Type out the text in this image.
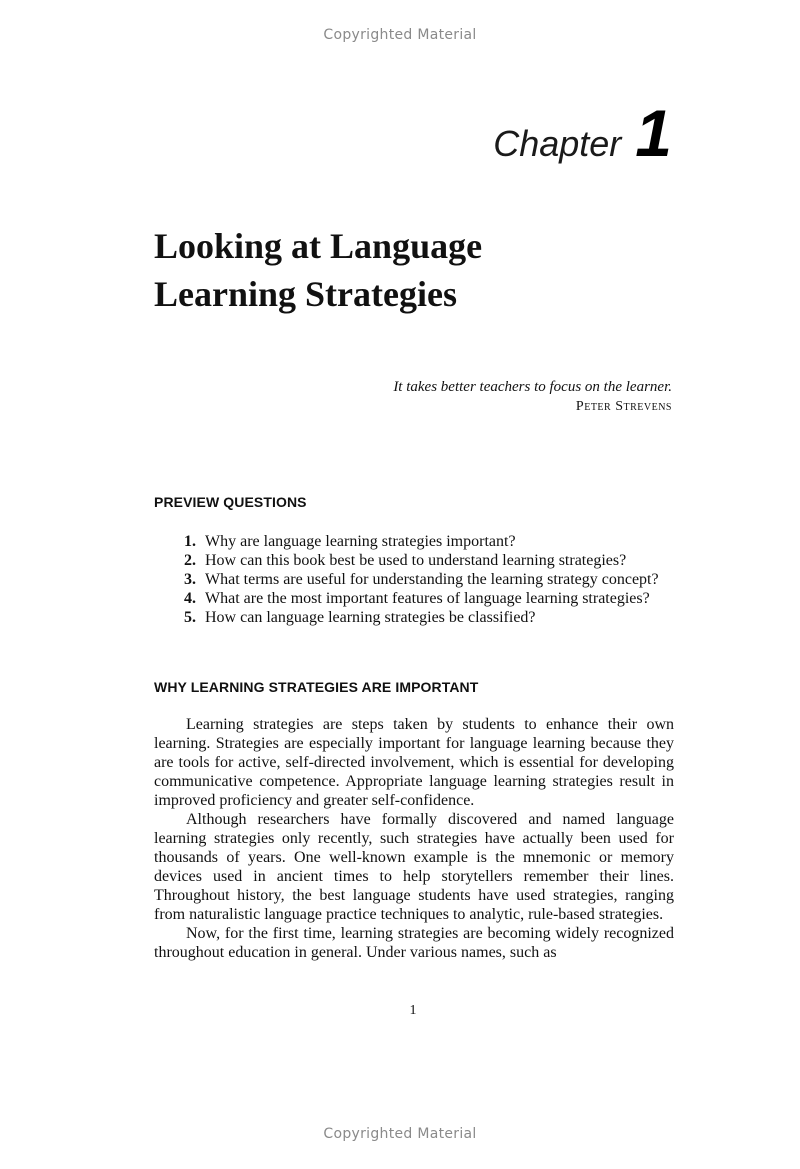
Copyrighted Material
Chapter 1
Looking at Language
Learning Strategies
It takes better teachers to focus on the learner.
Peter Strevens
PREVIEW QUESTIONS
1. Why are language learning strategies important?
2. How can this book best be used to understand learning strategies?
3. What terms are useful for understanding the learning strategy concept?
4. What are the most important features of language learning strategies?
5. How can language learning strategies be classified?
WHY LEARNING STRATEGIES ARE IMPORTANT

Learning strategies are steps taken by students to enhance their own learning. Strategies are especially important for language learning because they are tools for active, self-directed involvement, which is essential for developing communicative competence. Appropriate language learning strategies result in improved proficiency and greater self-confidence.

Although researchers have formally discovered and named language learning strategies only recently, such strategies have actually been used for thousands of years. One well-known example is the mnemonic or memory devices used in ancient times to help storytellers remember their lines. Throughout history, the best language students have used strategies, ranging from naturalistic language practice techniques to analytic, rule-based strategies.

Now, for the first time, learning strategies are becoming widely recognized throughout education in general. Under various names, such as

1
Copyrighted Material
